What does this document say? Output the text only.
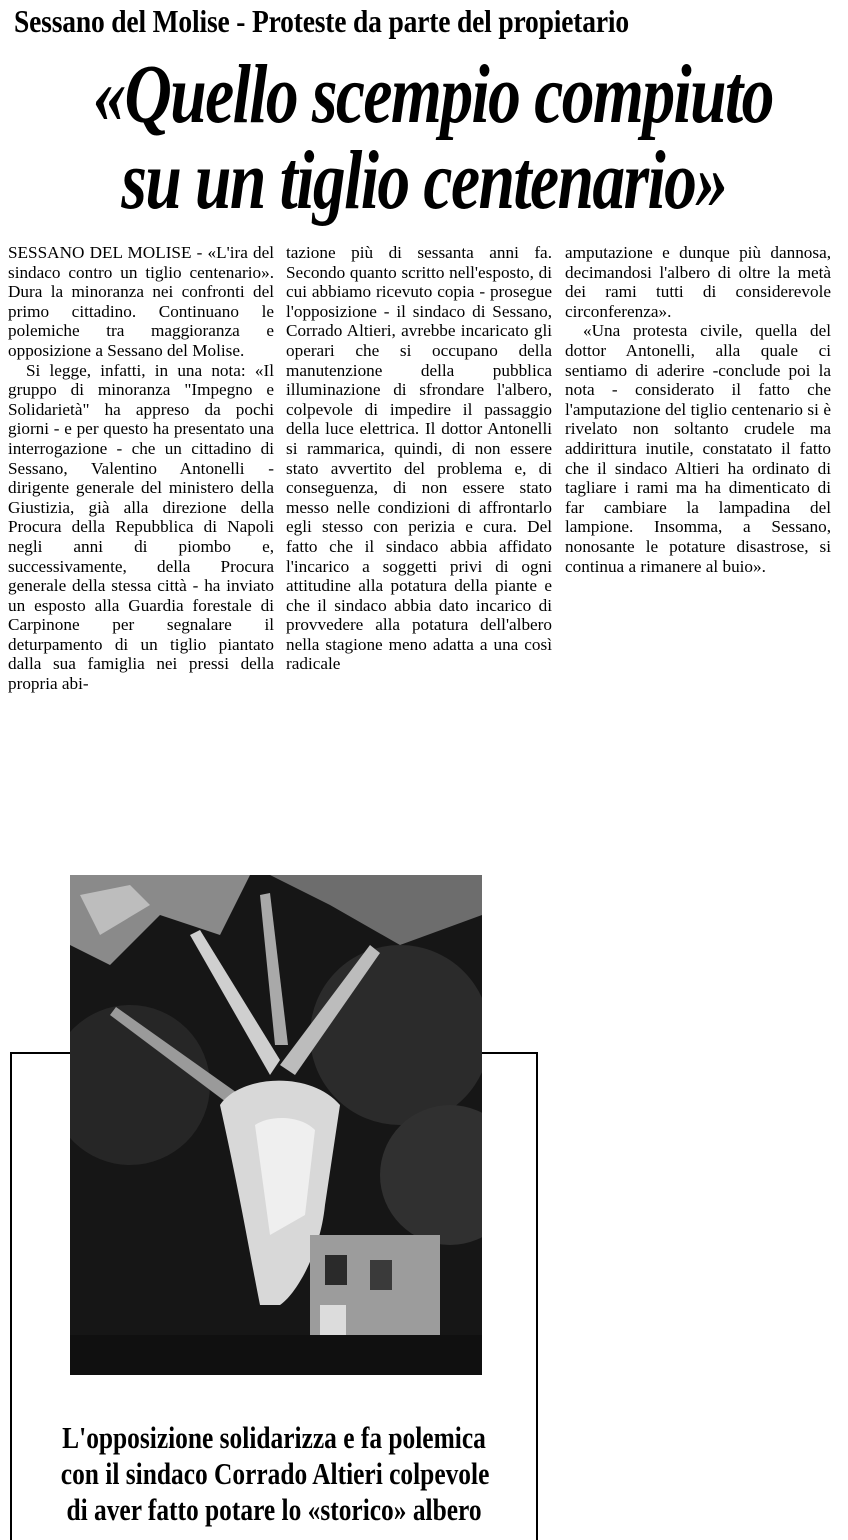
Sessano del Molise - Proteste da parte del propietario
«Quello scempio compiuto
su un tiglio centenario»

SESSANO DEL MOLISE - «L'ira del sindaco contro un tiglio centenario». Dura la minoranza nei confronti del primo cittadino. Continuano le polemiche tra maggioranza e opposizione a Sessano del Molise.

Si legge, infatti, in una nota: «Il gruppo di minoranza "Impegno e Solidarietà" ha appreso da pochi giorni - e per questo ha presentato una interrogazione - che un cittadino di Sessano, Valentino Antonelli - dirigente generale del ministero della Giustizia, già alla direzione della Procura della Repubblica di Napoli negli anni di piombo e, successivamente, della Procura generale della stessa città - ha inviato un esposto alla Guardia forestale di Carpinone per segnalare il deturpamento di un tiglio piantato dalla sua famiglia nei pressi della propria abi-

tazione più di sessanta anni fa. Secondo quanto scritto nell'esposto, di cui abbiamo ricevuto copia - prosegue l'opposizione - il sindaco di Sessano, Corrado Altieri, avrebbe incaricato gli operari che si occupano della manutenzione della pubblica illuminazione di sfrondare l'albero, colpevole di impedire il passaggio della luce elettrica. Il dottor Antonelli si rammarica, quindi, di non essere stato avvertito del problema e, di conseguenza, di non essere stato messo nelle condizioni di affrontarlo egli stesso con perizia e cura. Del fatto che il sindaco abbia affidato l'incarico a soggetti privi di ogni attitudine alla potatura della piante e che il sindaco abbia dato incarico di provvedere alla potatura dell'albero nella stagione meno adatta a una così radicale

amputazione e dunque più dannosa, decimandosi l'albero di oltre la metà dei rami tutti di considerevole circonferenza».

«Una protesta civile, quella del dottor Antonelli, alla quale ci sentiamo di aderire -conclude poi la nota - considerato il fatto che l'amputazione del tiglio centenario si è rivelato non soltanto crudele ma addirittura inutile, constatato il fatto che il sindaco Altieri ha ordinato di tagliare i rami ma ha dimenticato di far cambiare la lampadina del lampione. Insomma, a Sessano, nonosante le potature disastrose, si continua a rimanere al buio».

L'opposizione solidarizza e fa polemica
con il sindaco Corrado Altieri colpevole
di aver fatto potare lo «storico» albero
